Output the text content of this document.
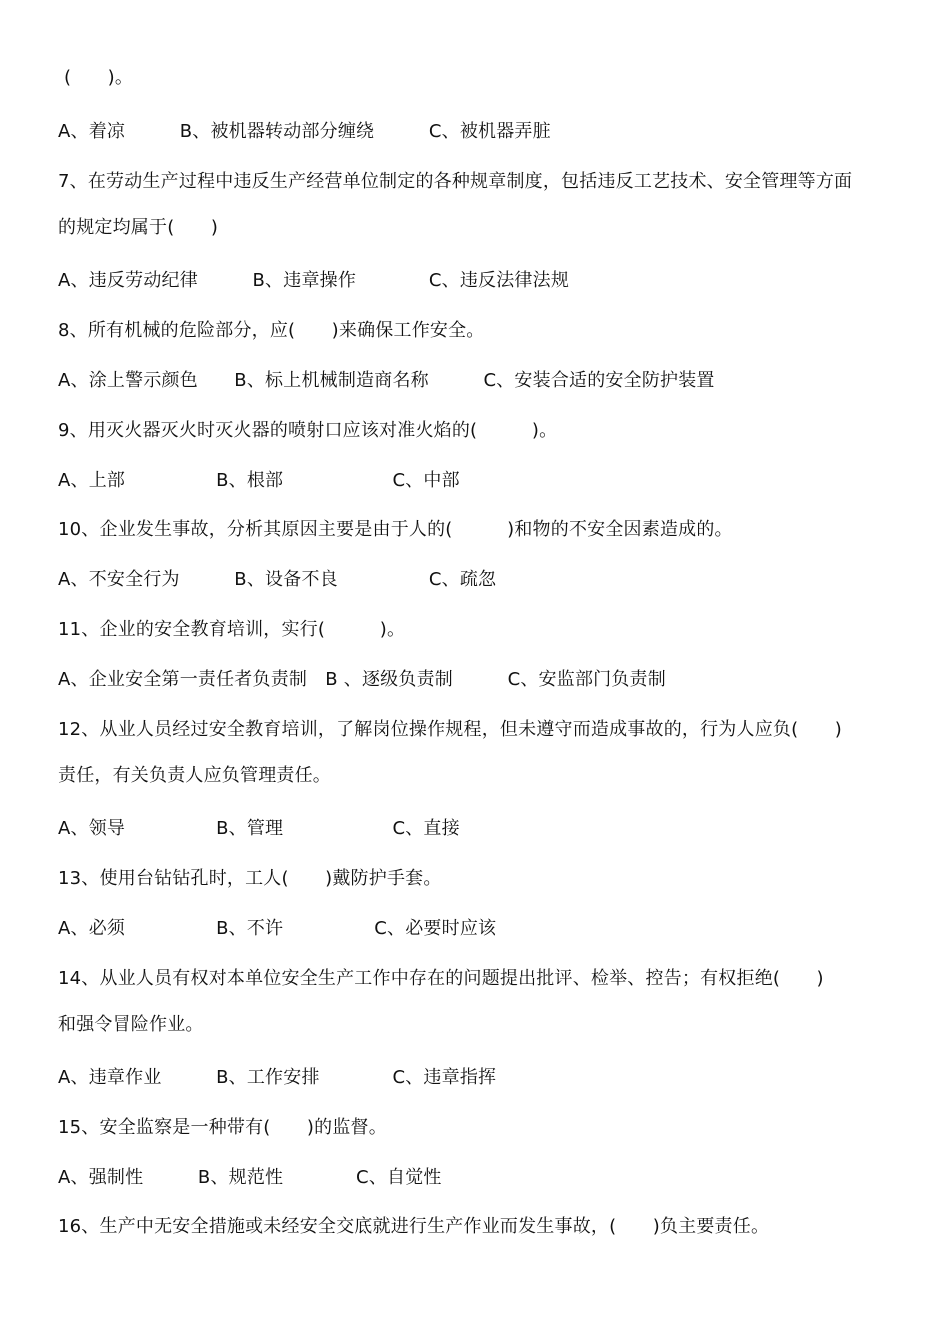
(　　)。
A、着凉　　　B、被机器转动部分缠绕　　　C、被机器弄脏
7、在劳动生产过程中违反生产经营单位制定的各种规章制度，包括违反工艺技术、安全管理等方面
的规定均属于(　　)
A、违反劳动纪律　　　B、违章操作　　　　C、违反法律法规
8、所有机械的危险部分，应(　　)来确保工作安全。
A、涂上警示颜色　　B、标上机械制造商名称　　　C、安装合适的安全防护装置
9、用灭火器灭火时灭火器的喷射口应该对准火焰的(　　　)。
A、上部　　　　　B、根部　　　　　　C、中部
10、企业发生事故，分析其原因主要是由于人的(　　　)和物的不安全因素造成的。
A、不安全行为　　　B、设备不良　　　　　C、疏忽
11、企业的安全教育培训，实行(　　　)。
A、企业安全第一责任者负责制　B 、逐级负责制　　　C、安监部门负责制
12、从业人员经过安全教育培训，了解岗位操作规程，但未遵守而造成事故的，行为人应负(　　)
责任，有关负责人应负管理责任。
A、领导　　　　　B、管理　　　　　　C、直接
13、使用台钻钻孔时，工人(　　)戴防护手套。
A、必须　　　　　B、不许　　　　　C、必要时应该
14、从业人员有权对本单位安全生产工作中存在的问题提出批评、检举、控告；有权拒绝(　　)
和强令冒险作业。
A、违章作业　　　B、工作安排　　　　C、违章指挥
15、安全监察是一种带有(　　)的监督。
A、强制性　　　B、规范性　　　　C、自觉性
16、生产中无安全措施或未经安全交底就进行生产作业而发生事故，(　　)负主要责任。
